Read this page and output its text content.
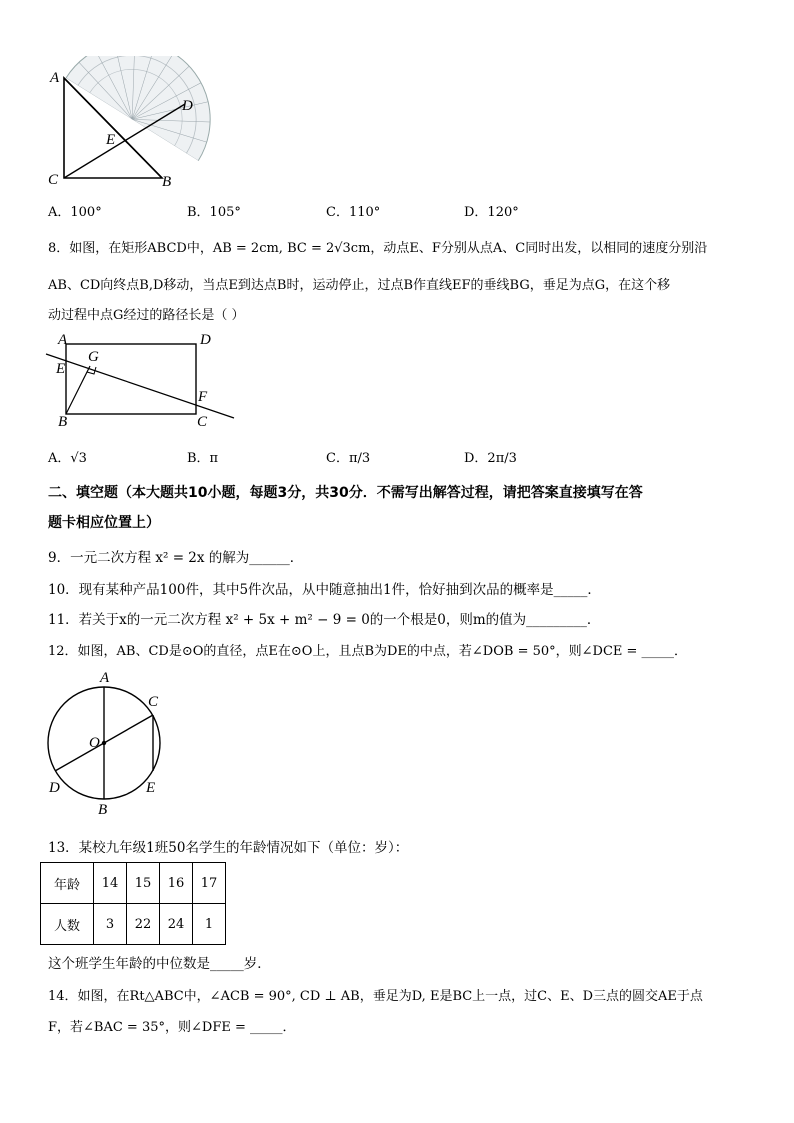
A
C	B
D
E
A．100°	B．105°	C．110°	D．120°
8．如图，在矩形ABCD中，AB = 2cm, BC = 2√3cm，动点E、F分别从点A、C同时出发，以相同的速度分别沿
AB、CD向终点B,D移动，当点E到达点B时，运动停止，过点B作直线EF的垂线BG，垂足为点G，在这个移
动过程中点G经过的路径长是（ ）
A	D
E
G
B	C
F
A．√3	B．π	C．π/3	D．2π/3
二、填空题（本大题共10小题，每题3分，共30分．不需写出解答过程，请把答案直接填写在答
题卡相应位置上）
9．一元二次方程 x² = 2x 的解为______．
10．现有某种产品100件，其中5件次品，从中随意抽出1件，恰好抽到次品的概率是_____．
11．若关于x的一元二次方程 x² + 5x + m² − 9 = 0的一个根是0，则m的值为_________．
12．如图，AB、CD是⊙O的直径，点E在⊙O上，且点B为DE的中点，若∠DOB = 50°，则∠DCE = _____．
A
C
O
D	E
B
13．某校九年级1班50名学生的年龄情况如下（单位：岁）：
年龄	14	15	16	17
人数	3	22	24	1
这个班学生年龄的中位数是_____岁．
14．如图，在Rt△ABC中，∠ACB = 90°, CD ⊥ AB，垂足为D, E是BC上一点，过C、E、D三点的圆交AE于点
F，若∠BAC = 35°，则∠DFE = _____．
